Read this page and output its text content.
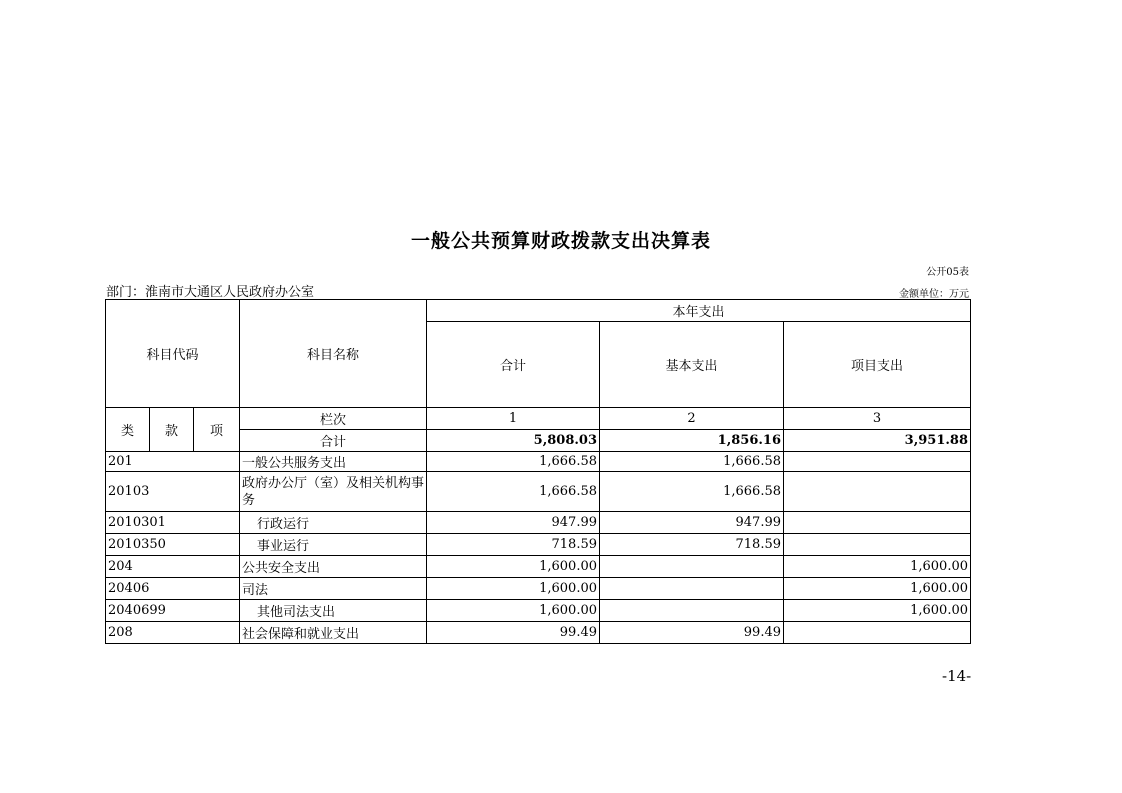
一般公共预算财政拨款支出决算表
公开05表
部门：淮南市大通区人民政府办公室	金额单位：万元
科目代码			科目名称	本年支出		
				合计	基本支出	项目支出
类	款	项	栏次	1	2	3
			合计	5,808.03	1,856.16	3,951.88
201			一般公共服务支出	1,666.58	1,666.58	
20103			政府办公厅（室）及相关机构事务	1,666.58	1,666.58	
2010301			行政运行	947.99	947.99	
2010350			事业运行	718.59	718.59	
204			公共安全支出	1,600.00		1,600.00
20406			司法	1,600.00		1,600.00
2040699			其他司法支出	1,600.00		1,600.00
208			社会保障和就业支出	99.49	99.49	
-14-
